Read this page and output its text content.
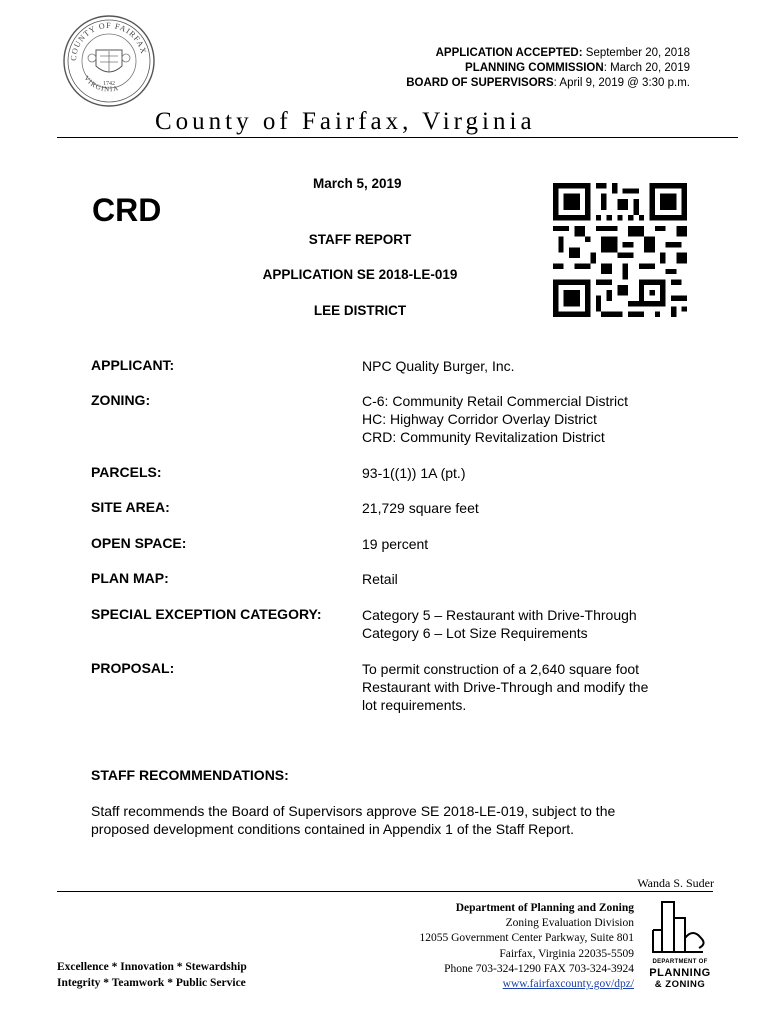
COUNTY OF FAIRFAX
VIRGINIA
1742
APPLICATION ACCEPTED: September 20, 2018
PLANNING COMMISSION: March 20, 2019
BOARD OF SUPERVISORS: April 9, 2019 @ 3:30 p.m.
County of Fairfax, Virginia
March 5, 2019
CRD
STAFF REPORT
APPLICATION SE 2018-LE-019
LEE DISTRICT
APPLICANT:	NPC Quality Burger, Inc.
ZONING:	C-6: Community Retail Commercial District
HC: Highway Corridor Overlay District
CRD: Community Revitalization District
PARCELS:	93-1((1)) 1A (pt.)
SITE AREA:	21,729 square feet
OPEN SPACE:	19 percent
PLAN MAP:	Retail
SPECIAL EXCEPTION CATEGORY:	Category 5 – Restaurant with Drive-Through
Category 6 – Lot Size Requirements
PROPOSAL:	To permit construction of a 2,640 square foot
Restaurant with Drive-Through and modify the
lot requirements.
STAFF RECOMMENDATIONS:
Staff recommends the Board of Supervisors approve SE 2018-LE-019, subject to the
proposed development conditions contained in Appendix 1 of the Staff Report.
Wanda S. Suder
Department of Planning and Zoning
Zoning Evaluation Division
12055 Government Center Parkway, Suite 801
Fairfax, Virginia 22035-5509
Phone 703-324-1290 FAX 703-324-3924
www.fairfaxcounty.gov/dpz/
Excellence * Innovation * Stewardship
Integrity * Teamwork * Public Service
DEPARTMENT OF
PLANNING
& ZONING
